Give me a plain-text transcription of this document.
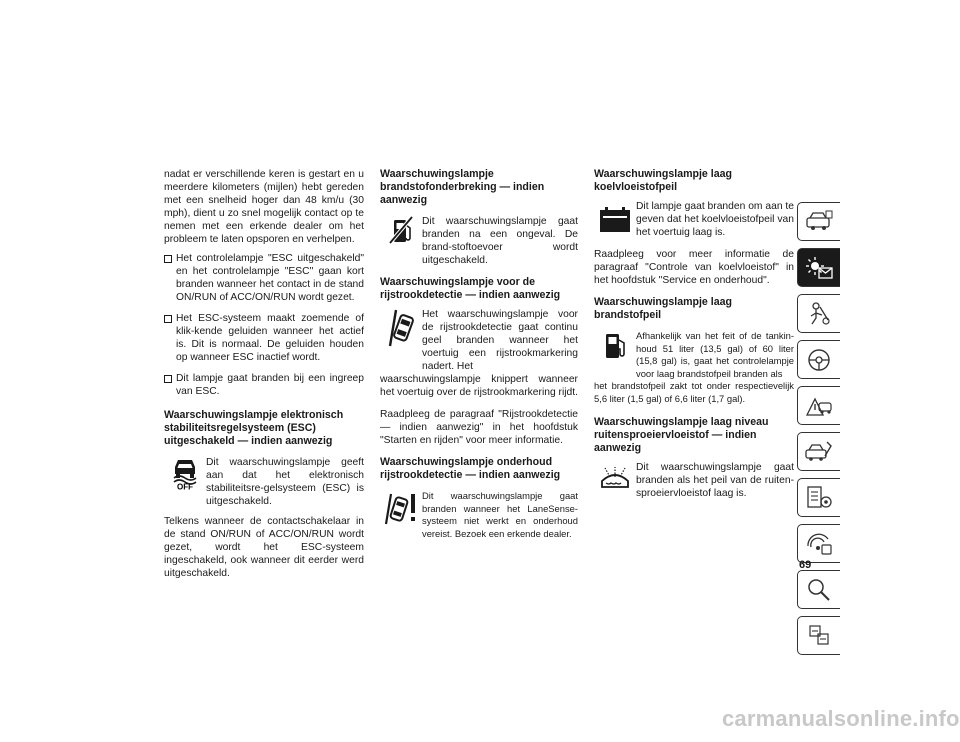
nadat er verschillende keren is gestart en u meerdere kilometers (mijlen) hebt gereden met een snelheid hoger dan 48 km/u (30 mph), dient u zo snel mogelijk contact op te nemen met een erkende dealer om het probleem te laten opsporen en verhelpen.

Het controlelampje "ESC uitgeschakeld" en het controlelampje "ESC" gaan kort branden wanneer het contact in de stand ON/RUN of ACC/ON/RUN wordt gezet.
Het ESC-systeem maakt zoemende of klik-kende geluiden wanneer het actief is. Dit is normaal. De geluiden houden op wanneer ESC inactief wordt.
Dit lampje gaat branden bij een ingreep van ESC.
Waarschuwingslampje elektronisch stabiliteitsregelsysteem (ESC) uitgeschakeld — indien aanwezig
OFF

Dit waarschuwingslampje geeft aan dat het elektronisch stabiliteitsre-gelsysteem (ESC) is uitgeschakeld.

Telkens wanneer de contactschakelaar in de stand ON/RUN of ACC/ON/RUN wordt gezet, wordt het ESC-systeem ingeschakeld, ook wanneer dit eerder werd uitgeschakeld.

Waarschuwingslampje brandstofonderbreking — indien aanwezig

Dit waarschuwingslampje gaat branden na een ongeval. De brand-stoftoevoer wordt uitgeschakeld.

Waarschuwingslampje voor de rijstrookdetectie — indien aanwezig

Het waarschuwingslampje voor de rijstrookdetectie gaat continu geel branden wanneer het voertuig een rijstrookmarkering nadert. Het

waarschuwingslampje knippert wanneer het voertuig over de rijstrookmarkering rijdt.

Raadpleeg de paragraaf "Rijstrookdetectie — indien aanwezig" in het hoofdstuk "Starten en rijden" voor meer informatie.

Waarschuwingslampje onderhoud rijstrookdetectie — indien aanwezig

Dit waarschuwingslampje gaat branden wanneer het LaneSense-systeem niet werkt en onderhoud vereist. Bezoek een erkende dealer.

Waarschuwingslampje laag koelvloeistofpeil

Dit lampje gaat branden om aan te geven dat het koelvloeistofpeil van het voertuig laag is.

Raadpleeg voor meer informatie de paragraaf "Controle van koelvloeistof" in het hoofdstuk "Service en onderhoud".

Waarschuwingslampje laag brandstofpeil

Afhankelijk van het feit of de tankin-houd 51 liter (13,5 gal) of 60 liter (15,8 gal) is, gaat het controlelampje voor laag brandstofpeil branden als

het brandstofpeil zakt tot onder respectievelijk 5,6 liter (1,5 gal) of 6,6 liter (1,7 gal).

Waarschuwingslampje laag niveau ruitensproeiervloeistof — indien aanwezig

Dit waarschuwingslampje gaat branden als het peil van de ruiten-sproeiervloeistof laag is.

69
carmanualsonline.info
